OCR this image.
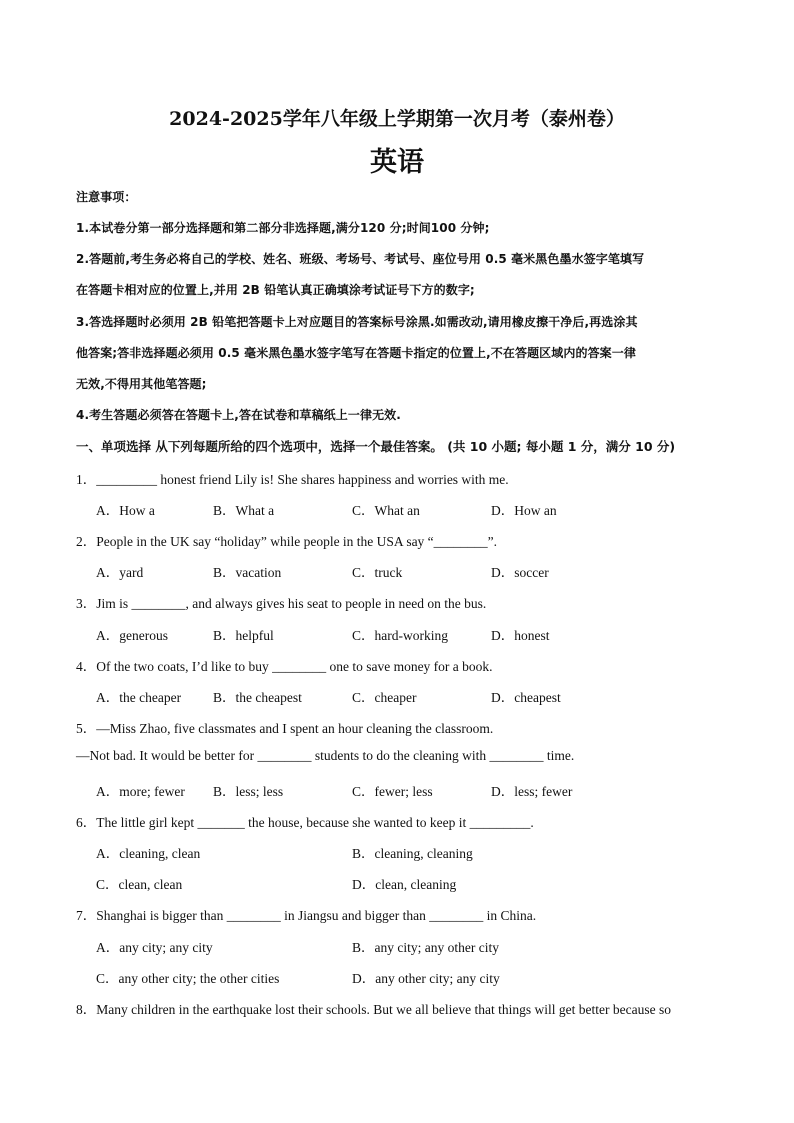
2024-2025学年八年级上学期第一次月考（泰州卷）
英语
注意事项：
1.本试卷分第一部分选择题和第二部分非选择题,满分120 分;时间100 分钟;
2.答题前,考生务必将自己的学校、姓名、班级、考场号、考试号、座位号用 0.5 毫米黑色墨水签字笔填写
在答题卡相对应的位置上,并用 2B 铅笔认真正确填涂考试证号下方的数字;
3.答选择题时必须用 2B 铅笔把答题卡上对应题目的答案标号涂黑.如需改动,请用橡皮擦干净后,再选涂其
他答案;答非选择题必须用 0.5 毫米黑色墨水签字笔写在答题卡指定的位置上,不在答题区域内的答案一律
无效,不得用其他笔答题;
4.考生答题必须答在答题卡上,答在试卷和草稿纸上一律无效.
一、单项选择 从下列每题所给的四个选项中，选择一个最佳答案。 (共 10 小题; 每小题 1 分，满分 10 分)
1．_________ honest friend Lily is! She shares happiness and worries with me.
A．How a	B．What a	C．What an	D．How an
2．People in the UK say “holiday” while people in the USA say “________”.
A．yard	B．vacation	C．truck	D．soccer
3．Jim is ________, and always gives his seat to people in need on the bus.
A．generous	B．helpful	C．hard-working	D．honest
4．Of the two coats, I’d like to buy ________ one to save money for a book.
A．the cheaper B．the cheapest	C．cheaper	D．cheapest
5．—Miss Zhao, five classmates and I spent an hour cleaning the classroom.
—Not bad. It would be better for ________ students to do the cleaning with ________ time.
A．more; fewer B．less; less	C．fewer; less	D．less; fewer
6．The little girl kept _______ the house, because she wanted to keep it _________.
A．cleaning, clean	B．cleaning, cleaning
C．clean, clean	D．clean, cleaning
7．Shanghai is bigger than ________ in Jiangsu and bigger than ________ in China.
A．any city; any city	B．any city; any other city
C．any other city; the other cities	D．any other city; any city
8．Many children in the earthquake lost their schools. But we all believe that things will get better because so
